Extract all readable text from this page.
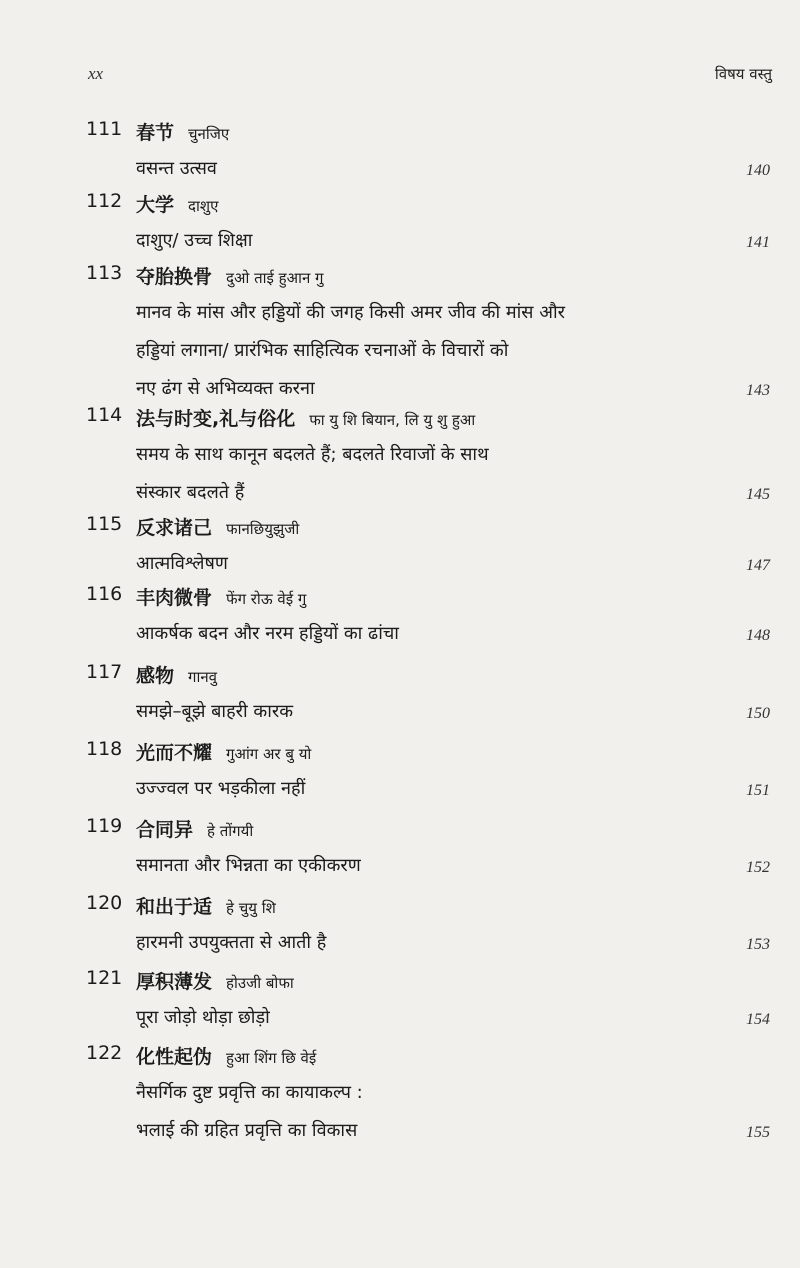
xx	विषय वस्तु
111 春节 चुनजिए
वसन्त उत्सव	140
112 大学 दाशुए
दाशुए/ उच्च शिक्षा	141
113 夺胎换骨 दुओ ताई हुआन गु
मानव के मांस और हड्डियों की जगह किसी अमर जीव की मांस और
हड्डियां लगाना/ प्रारंभिक साहित्यिक रचनाओं के विचारों को
नए ढंग से अभिव्यक्त करना	143
114 法与时变,礼与俗化 फा यु शि बियान, लि यु शु हुआ
समय के साथ कानून बदलते हैं; बदलते रिवाजों के साथ
संस्कार बदलते हैं	145
115 反求诸己 फानछियुझुजी
आत्मविश्लेषण	147
116 丰肉微骨 फेंग रोऊ वेई गु
आकर्षक बदन और नरम हड्डियों का ढांचा	148
117 感物 गानवु
समझे–बूझे बाहरी कारक	150
118 光而不耀 गुआंग अर बु यो
उज्ज्वल पर भड़कीला नहीं	151
119 合同异 हे तोंगयी
समानता और भिन्नता का एकीकरण	152
120 和出于适 हे चुयु शि
हारमनी उपयुक्तता से आती है	153
121 厚积薄发 होउजी बोफा
पूरा जोड़ो थोड़ा छोड़ो	154
122 化性起伪 हुआ शिंग छि वेई
नैसर्गिक दुष्ट प्रवृत्ति का कायाकल्प :
भलाई की ग्रहित प्रवृत्ति का विकास	155
